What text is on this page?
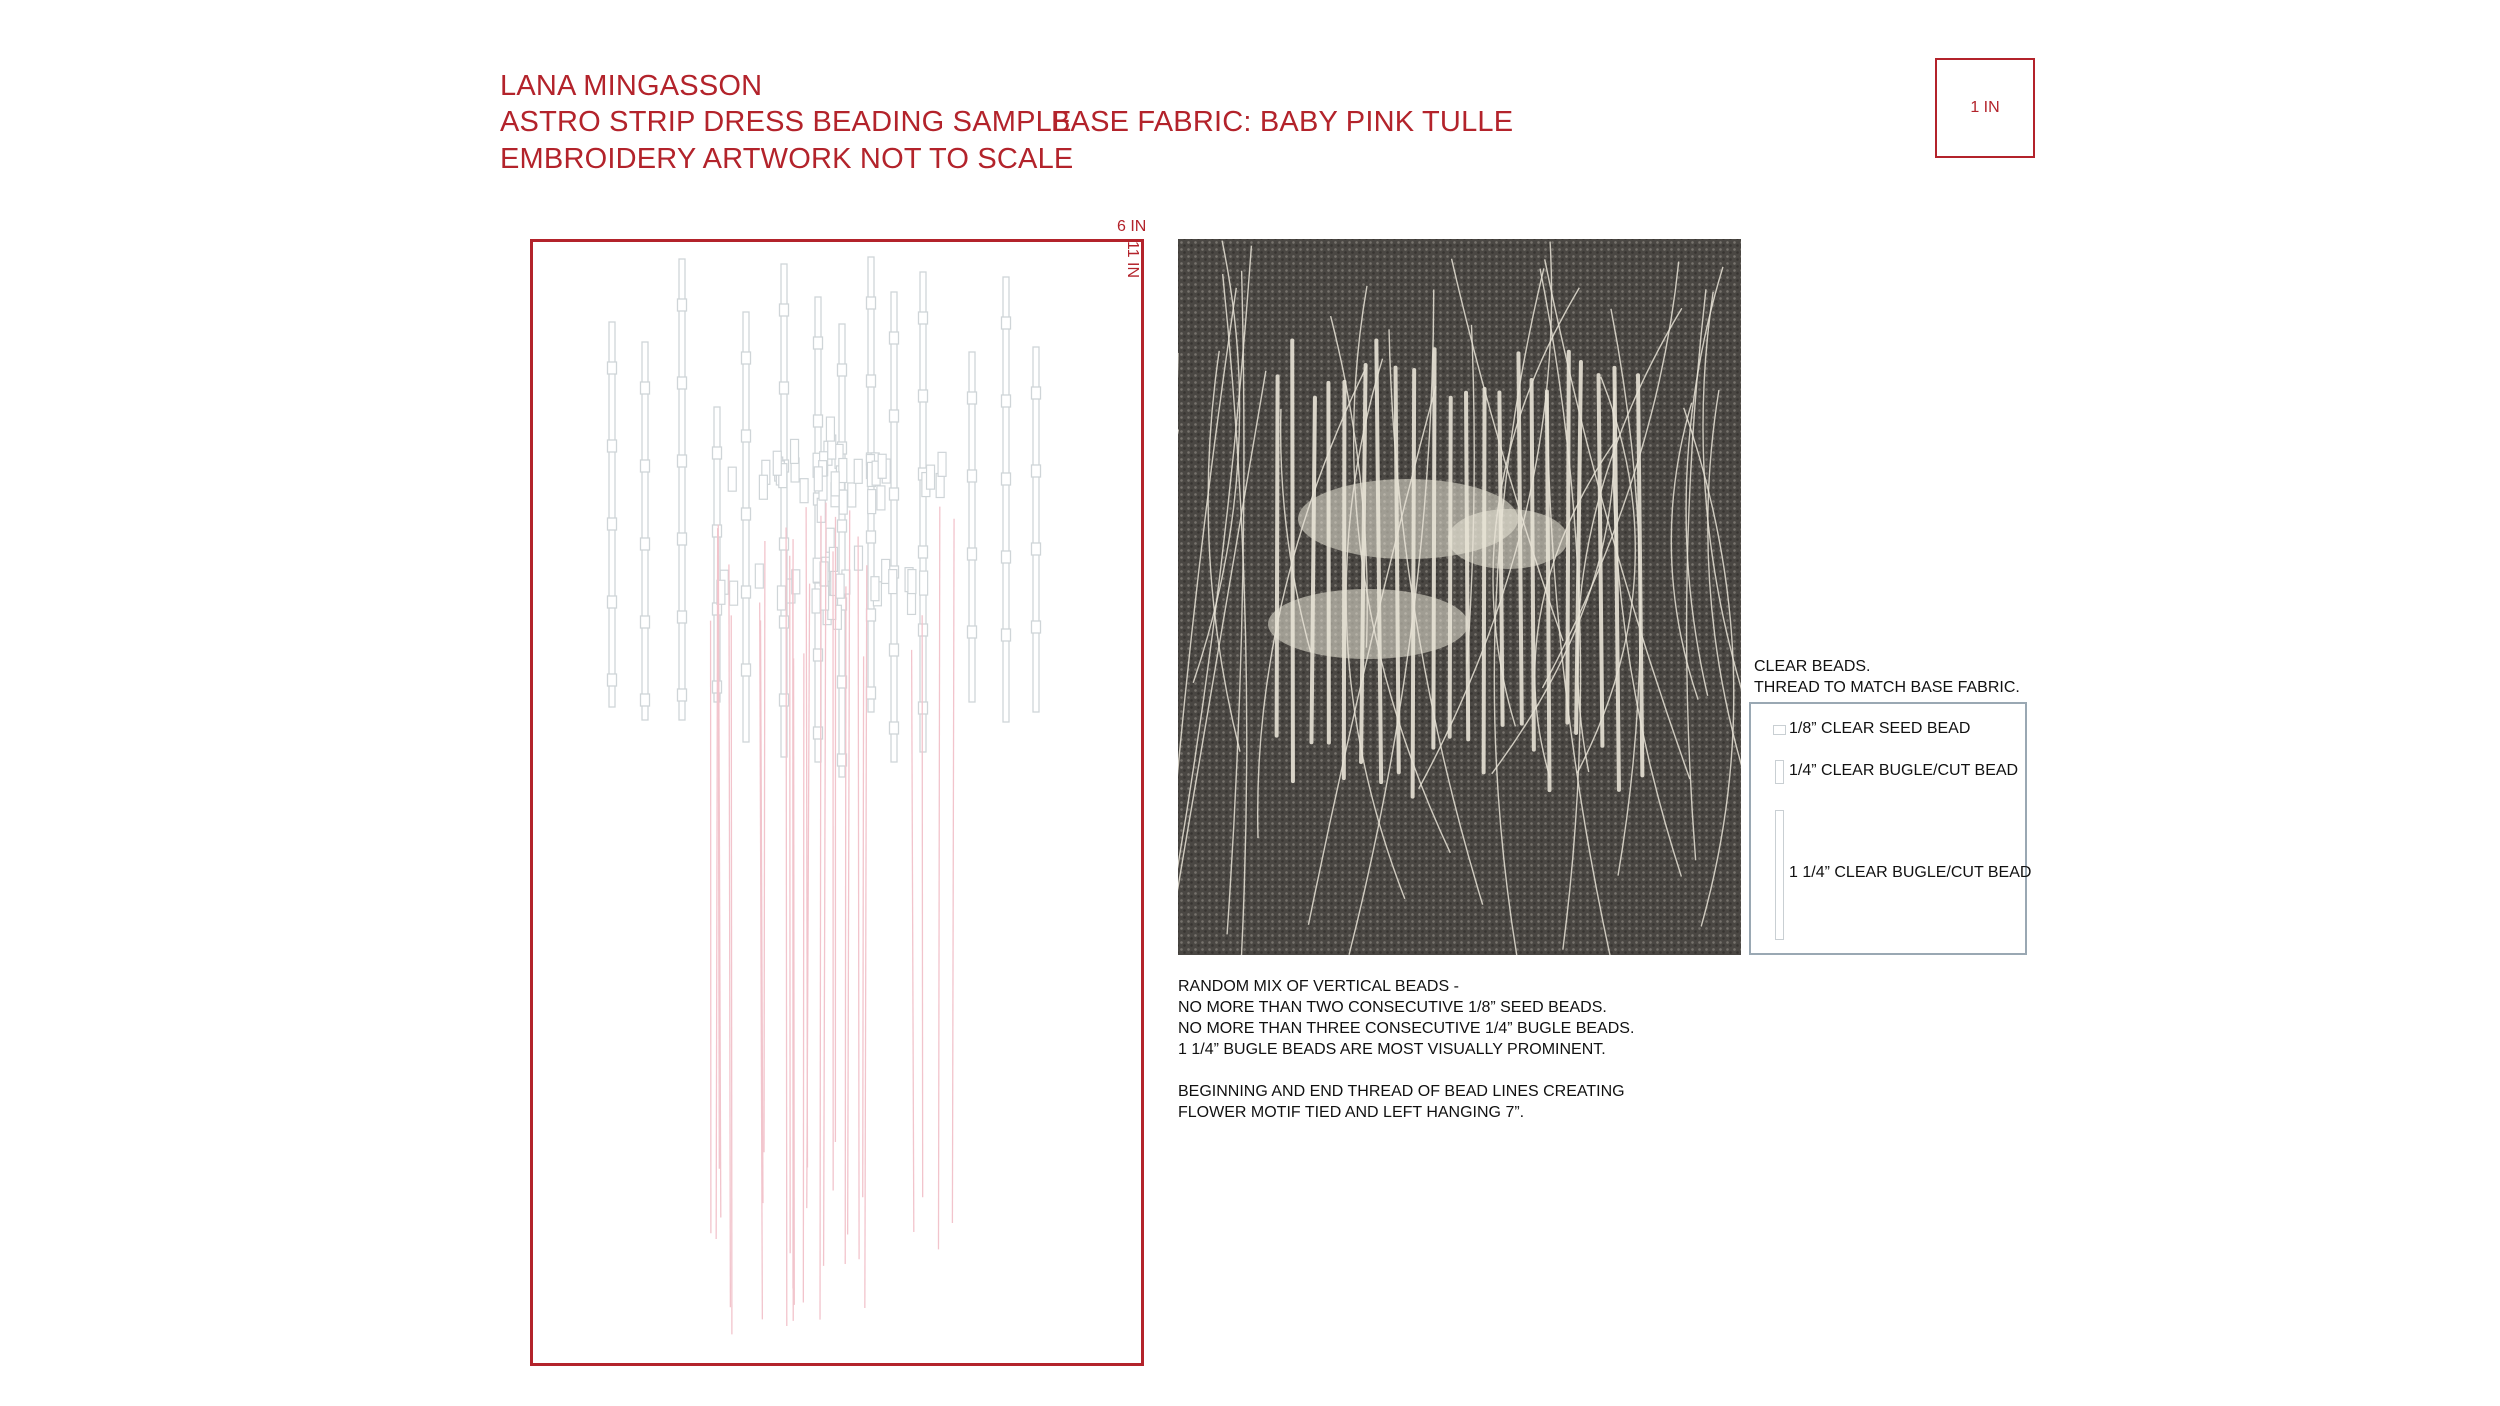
LANA MINGASSON
ASTRO STRIP DRESS BEADING SAMPLE
BASE FABRIC: BABY PINK TULLE
EMBROIDERY ARTWORK NOT TO SCALE
1 IN
6 IN
11 IN
CLEAR BEADS.
THREAD TO MATCH BASE FABRIC.
1/8” CLEAR SEED BEAD
1/4” CLEAR BUGLE/CUT BEAD
1 1/4” CLEAR BUGLE/CUT BEAD
RANDOM MIX OF VERTICAL BEADS -
NO MORE THAN TWO CONSECUTIVE 1/8” SEED BEADS.
NO MORE THAN THREE CONSECUTIVE 1/4” BUGLE BEADS.
1 1/4” BUGLE BEADS ARE MOST VISUALLY PROMINENT.
BEGINNING AND END THREAD OF BEAD LINES CREATING
FLOWER MOTIF TIED AND LEFT HANGING 7”.
